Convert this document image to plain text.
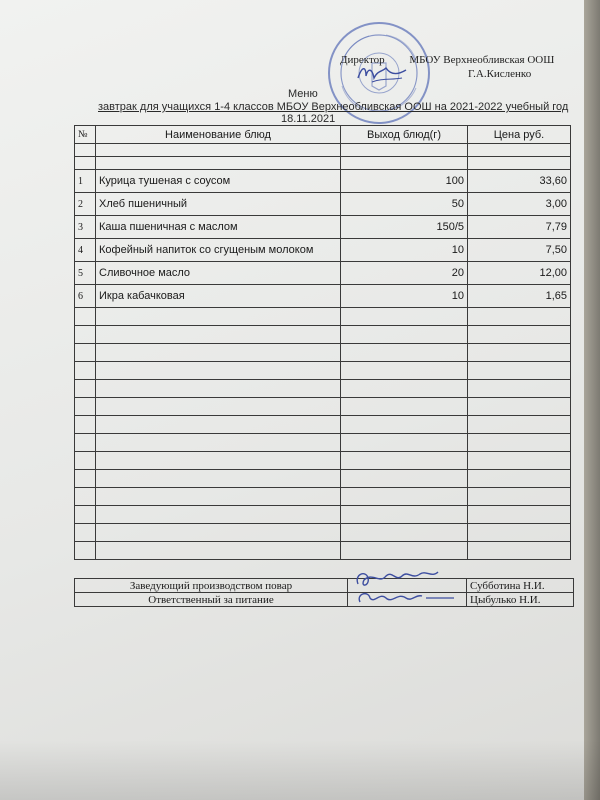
Директор МБОУ Верхнеобливская ООШ
Г.А.Кисленко
Меню
завтрак для учащихся 1-4 классов МБОУ Верхнеобливская ООШ на 2021-2022 учебный год
18.11.2021
№	Наименование блюд	Выход блюд(г)	Цена руб.

1	Курица тушеная с соусом	100	33,60
2	Хлеб пшеничный	50	3,00
3	Каша пшеничная с маслом	150/5	7,79
4	Кофейный напиток со сгущеным молоком	10	7,50
5	Сливочное масло	20	12,00
6	Икра кабачковая	10	1,65

Заведующий производством повар		Субботина Н.И.
Ответственный за питание		Цыбулько Н.И.
